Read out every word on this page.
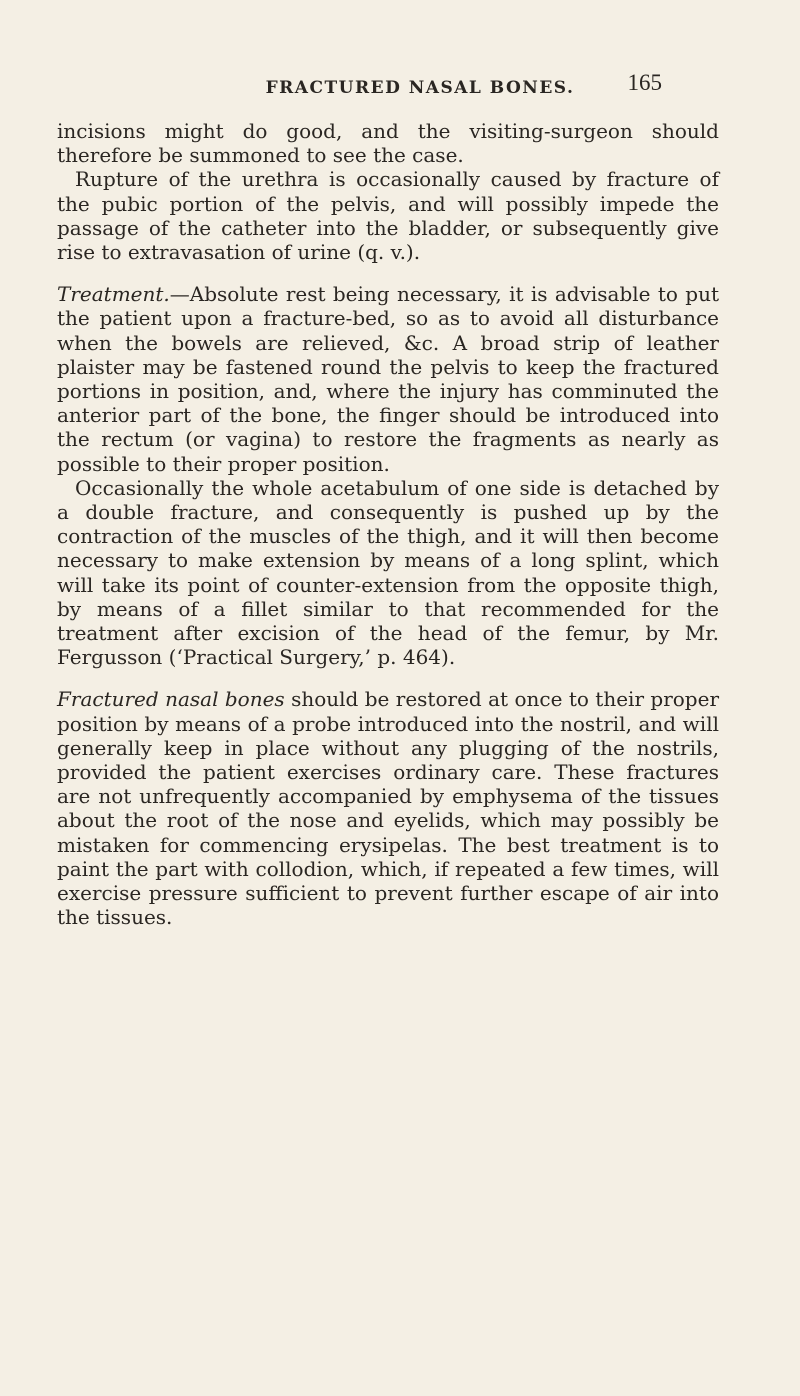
FRACTURED NASAL BONES.	165

incisions might do good, and the visiting-surgeon should therefore be summoned to see the case.

Rupture of the urethra is occasionally caused by fracture of the pubic portion of the pelvis, and will possibly impede the passage of the catheter into the bladder, or subsequently give rise to extravasation of urine (q. v.).

Treatment.—Absolute rest being necessary, it is advisable to put the patient upon a fracture-bed, so as to avoid all disturbance when the bowels are relieved, &c. A broad strip of leather plaister may be fastened round the pelvis to keep the fractured portions in position, and, where the injury has comminuted the anterior part of the bone, the finger should be introduced into the rectum (or vagina) to restore the fragments as nearly as possible to their proper position.

Occasionally the whole acetabulum of one side is detached by a double fracture, and consequently is pushed up by the contraction of the muscles of the thigh, and it will then become necessary to make extension by means of a long splint, which will take its point of counter-extension from the opposite thigh, by means of a fillet similar to that recommended for the treatment after excision of the head of the femur, by Mr. Fergusson (‘Practical Surgery,’ p. 464).

Fractured nasal bones should be restored at once to their proper position by means of a probe introduced into the nostril, and will generally keep in place without any plugging of the nostrils, provided the patient exercises ordinary care. These fractures are not unfrequently accompanied by emphysema of the tissues about the root of the nose and eyelids, which may possibly be mistaken for commencing erysipelas. The best treatment is to paint the part with collodion, which, if repeated a few times, will exercise pressure sufficient to prevent further escape of air into the tissues.
